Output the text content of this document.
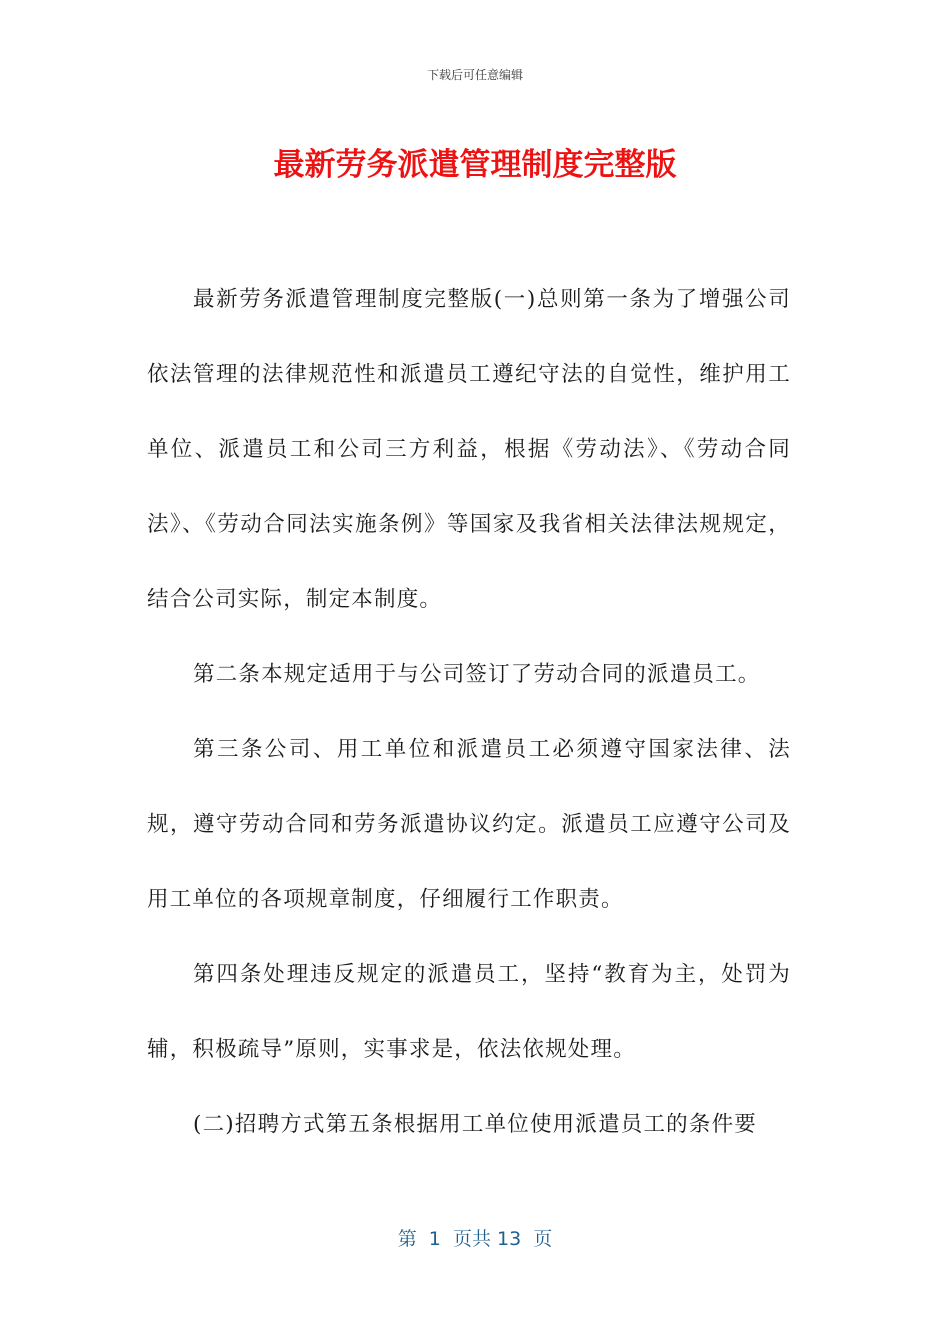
下载后可任意编辑
最新劳务派遣管理制度完整版

最新劳务派遣管理制度完整版(一)总则第一条为了增强公司依法管理的法律规范性和派遣员工遵纪守法的自觉性，维护用工单位、派遣员工和公司三方利益，根据《劳动法》、《劳动合同法》、《劳动合同法实施条例》等国家及我省相关法律法规规定，结合公司实际，制定本制度。

第二条本规定适用于与公司签订了劳动合同的派遣员工。

第三条公司、用工单位和派遣员工必须遵守国家法律、法规，遵守劳动合同和劳务派遣协议约定。派遣员工应遵守公司及用工单位的各项规章制度，仔细履行工作职责。

第四条处理违反规定的派遣员工，坚持“教育为主，处罚为辅，积极疏导”原则，实事求是，依法依规处理。

(二)招聘方式第五条根据用工单位使用派遣员工的条件要

第  1  页共 13  页
